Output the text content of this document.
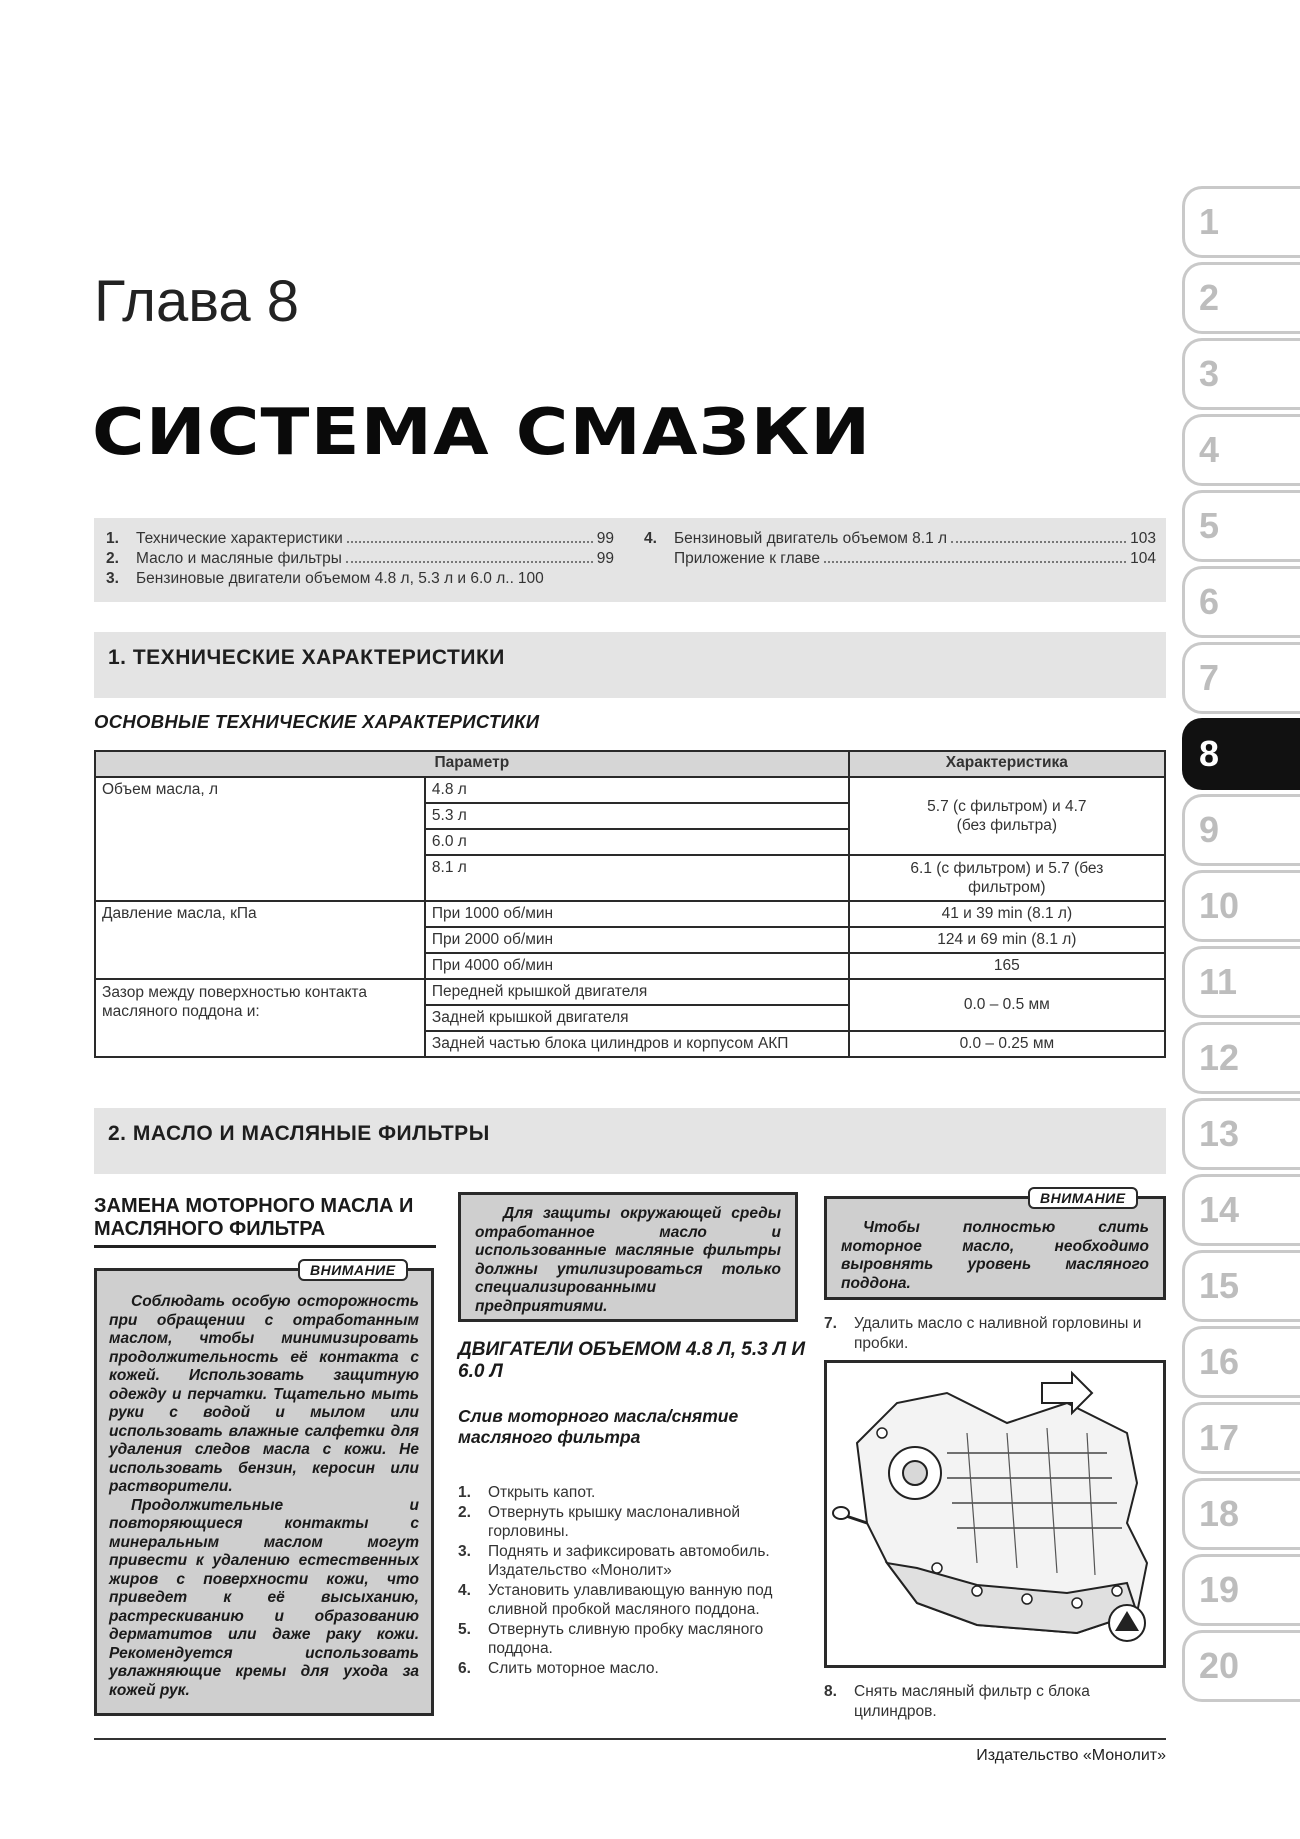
1
2
3
4
5
6
7
8
9
10
11
12
13
14
15
16
17
18
19
20
Глава 8
СИСТЕМА СМАЗКИ
1.	Технические характеристики	99
2.	Масло и масляные фильтры	99
3.	Бензиновые двигатели объемом 4.8 л, 5.3 л и 6.0 л.. 100
4.	Бензиновый двигатель объемом 8.1 л	103
Приложение к главе	104
1. ТЕХНИЧЕСКИЕ ХАРАКТЕРИСТИКИ
ОСНОВНЫЕ ТЕХНИЧЕСКИЕ ХАРАКТЕРИСТИКИ
Параметр		Характеристика
Объем масла, л	4.8 л	5.7 (с фильтром) и 4.7 (без фильтра)
	5.3 л	
	6.0 л	
	8.1 л	6.1 (с фильтром) и 5.7 (без фильтром)
Давление масла, кПа	При 1000 об/мин	41 и 39 min (8.1 л)
	При 2000 об/мин	124 и 69 min (8.1 л)
	При 4000 об/мин	165
Зазор между поверхностью контакта масляного поддона и:	Передней крышкой двигателя	0.0 – 0.5 мм
	Задней крышкой двигателя	
	Задней частью блока цилиндров и корпусом АКП	0.0 – 0.25 мм
2. МАСЛО И МАСЛЯНЫЕ ФИЛЬТРЫ
ЗАМЕНА МОТОРНОГО МАСЛА И МАСЛЯНОГО ФИЛЬТРА

Соблюдать особую осторожность при обращении с отработанным маслом, чтобы минимизировать продолжительность её контакта с кожей. Использовать защитную одежду и перчатки. Тщательно мыть руки с водой и мылом или использовать влажные салфетки для удаления следов масла с кожи. Не использовать бензин, керосин или растворители.

Продолжительные и повторяющиеся контакты с минеральным маслом могут привести к удалению естественных жиров с поверхности кожи, что приведет к её высыханию, растрескиванию и образованию дерматитов или даже раку кожи. Рекомендуется использовать увлажняющие кремы для ухода за кожей рук.

ВНИМАНИЕ

Для защиты окружающей среды отработанное масло и использованные масляные фильтры должны утилизироваться только специализированными предприятиями.

ДВИГАТЕЛИ ОБЪЕМОМ 4.8 Л, 5.3 Л И 6.0 Л
Слив моторного масла/снятие масляного фильтра
1.	Открыть капот.
2.	Отвернуть крышку маслоналивной горловины.
3.	Поднять и зафиксировать автомобиль. Издательство «Монолит»
4.	Установить улавливающую ванную под сливной пробкой масляного поддона.
5.	Отвернуть сливную пробку масляного поддона.
6.	Слить моторное масло.

Чтобы полностью слить моторное масло, необходимо выровнять уровень масляного поддона.

ВНИМАНИЕ
7.	Удалить масло с наливной горловины и пробки.
8.	Снять масляный фильтр с блока цилиндров.
Издательство «Монолит»
